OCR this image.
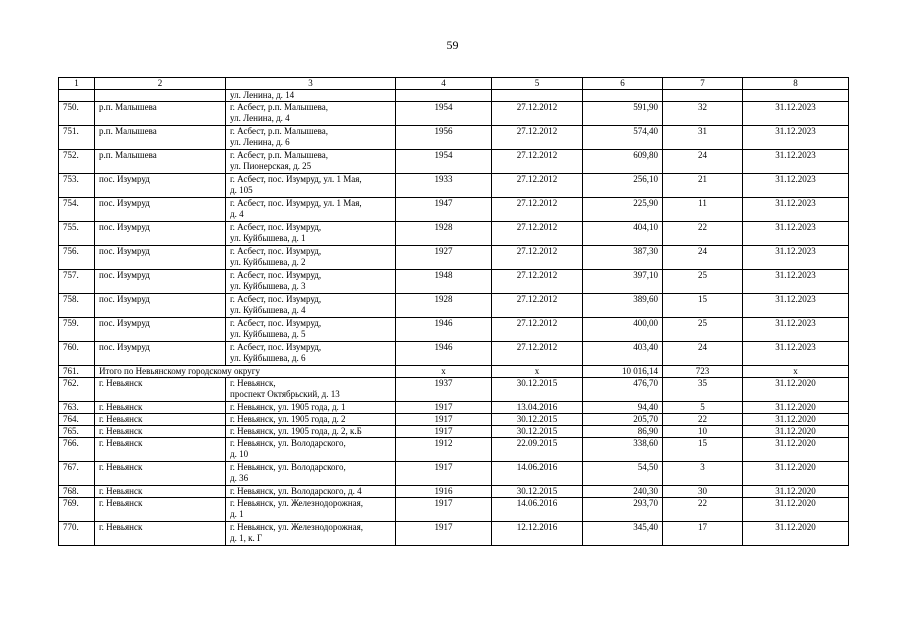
59
1	2	3	4	5	6	7	8
		ул. Ленина, д. 14					
750.	р.п. Малышева	г. Асбест, р.п. Малышева,
ул. Ленина, д. 4	1954	27.12.2012	591,90	32	31.12.2023
751.	р.п. Малышева	г. Асбест, р.п. Малышева,
ул. Ленина, д. 6	1956	27.12.2012	574,40	31	31.12.2023
752.	р.п. Малышева	г. Асбест, р.п. Малышева,
ул. Пионерская, д. 25	1954	27.12.2012	609,80	24	31.12.2023
753.	пос. Изумруд	г. Асбест, пос. Изумруд, ул. 1 Мая,
д. 105	1933	27.12.2012	256,10	21	31.12.2023
754.	пос. Изумруд	г. Асбест, пос. Изумруд, ул. 1 Мая,
д. 4	1947	27.12.2012	225,90	11	31.12.2023
755.	пос. Изумруд	г. Асбест, пос. Изумруд,
ул. Куйбышева, д. 1	1928	27.12.2012	404,10	22	31.12.2023
756.	пос. Изумруд	г. Асбест, пос. Изумруд,
ул. Куйбышева, д. 2	1927	27.12.2012	387,30	24	31.12.2023
757.	пос. Изумруд	г. Асбест, пос. Изумруд,
ул. Куйбышева, д. 3	1948	27.12.2012	397,10	25	31.12.2023
758.	пос. Изумруд	г. Асбест, пос. Изумруд,
ул. Куйбышева, д. 4	1928	27.12.2012	389,60	15	31.12.2023
759.	пос. Изумруд	г. Асбест, пос. Изумруд,
ул. Куйбышева, д. 5	1946	27.12.2012	400,00	25	31.12.2023
760.	пос. Изумруд	г. Асбест, пос. Изумруд,
ул. Куйбышева, д. 6	1946	27.12.2012	403,40	24	31.12.2023
761.	Итого по Невьянскому городскому округу		x	x	10 016,14	723	x
762.	г. Невьянск	г. Невьянск,
проспект Октябрьский, д. 13	1937	30.12.2015	476,70	35	31.12.2020
763.	г. Невьянск	г. Невьянск, ул. 1905 года, д. 1	1917	13.04.2016	94,40	5	31.12.2020
764.	г. Невьянск	г. Невьянск, ул. 1905 года, д. 2	1917	30.12.2015	205,70	22	31.12.2020
765.	г. Невьянск	г. Невьянск, ул. 1905 года, д. 2, к.Б	1917	30.12.2015	86,90	10	31.12.2020
766.	г. Невьянск	г. Невьянск, ул. Володарского,
д. 10	1912	22.09.2015	338,60	15	31.12.2020
767.	г. Невьянск	г. Невьянск, ул. Володарского,
д. 36	1917	14.06.2016	54,50	3	31.12.2020
768.	г. Невьянск	г. Невьянск, ул. Володарского, д. 4	1916	30.12.2015	240,30	30	31.12.2020
769.	г. Невьянск	г. Невьянск, ул. Железнодорожная,
д. 1	1917	14.06.2016	293,70	22	31.12.2020
770.	г. Невьянск	г. Невьянск, ул. Железнодорожная,
д. 1, к. Г	1917	12.12.2016	345,40	17	31.12.2020
